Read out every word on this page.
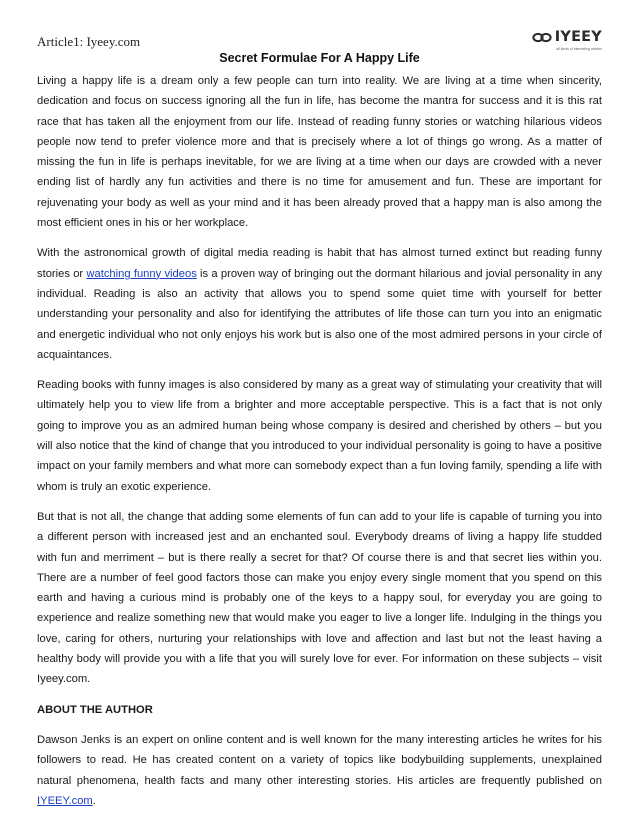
Article1: Iyeey.com	IYEEY
all kinds of interesting articles
Secret Formulae For A Happy Life

Living a happy life is a dream only a few people can turn into reality. We are living at a time when sincerity, dedication and focus on success ignoring all the fun in life, has become the mantra for success and it is this rat race that has taken all the enjoyment from our life. Instead of reading funny stories or watching hilarious videos people now tend to prefer violence more and that is precisely where a lot of things go wrong. As a matter of missing the fun in life is perhaps inevitable, for we are living at a time when our days are crowded with a never ending list of hardly any fun activities and there is no time for amusement and fun. These are important for rejuvenating your body as well as your mind and it has been already proved that a happy man is also among the most efficient ones in his or her workplace.

With the astronomical growth of digital media reading is habit that has almost turned extinct but reading funny stories or watching funny videos is a proven way of bringing out the dormant hilarious and jovial personality in any individual. Reading is also an activity that allows you to spend some quiet time with yourself for better understanding your personality and also for identifying the attributes of life those can turn you into an enigmatic and energetic individual who not only enjoys his work but is also one of the most admired persons in your circle of acquaintances.

Reading books with funny images is also considered by many as a great way of stimulating your creativity that will ultimately help you to view life from a brighter and more acceptable perspective. This is a fact that is not only going to improve you as an admired human being whose company is desired and cherished by others – but you will also notice that the kind of change that you introduced to your individual personality is going to have a positive impact on your family members and what more can somebody expect than a fun loving family, spending a life with whom is truly an exotic experience.

But that is not all, the change that adding some elements of fun can add to your life is capable of turning you into a different person with increased jest and an enchanted soul. Everybody dreams of living a happy life studded with fun and merriment – but is there really a secret for that? Of course there is and that secret lies within you. There are a number of feel good factors those can make you enjoy every single moment that you spend on this earth and having a curious mind is probably one of the keys to a happy soul, for everyday you are going to experience and realize something new that would make you eager to live a longer life. Indulging in the things you love, caring for others, nurturing your relationships with love and affection and last but not the least having a healthy body will provide you with a life that you will surely love for ever. For information on these subjects – visit Iyeey.com.

ABOUT THE AUTHOR

Dawson Jenks is an expert on online content and is well known for the many interesting articles he writes for his followers to read. He has created content on a variety of topics like bodybuilding supplements, unexplained natural phenomena, health facts and many other interesting stories. His articles are frequently published on IYEEY.com.
